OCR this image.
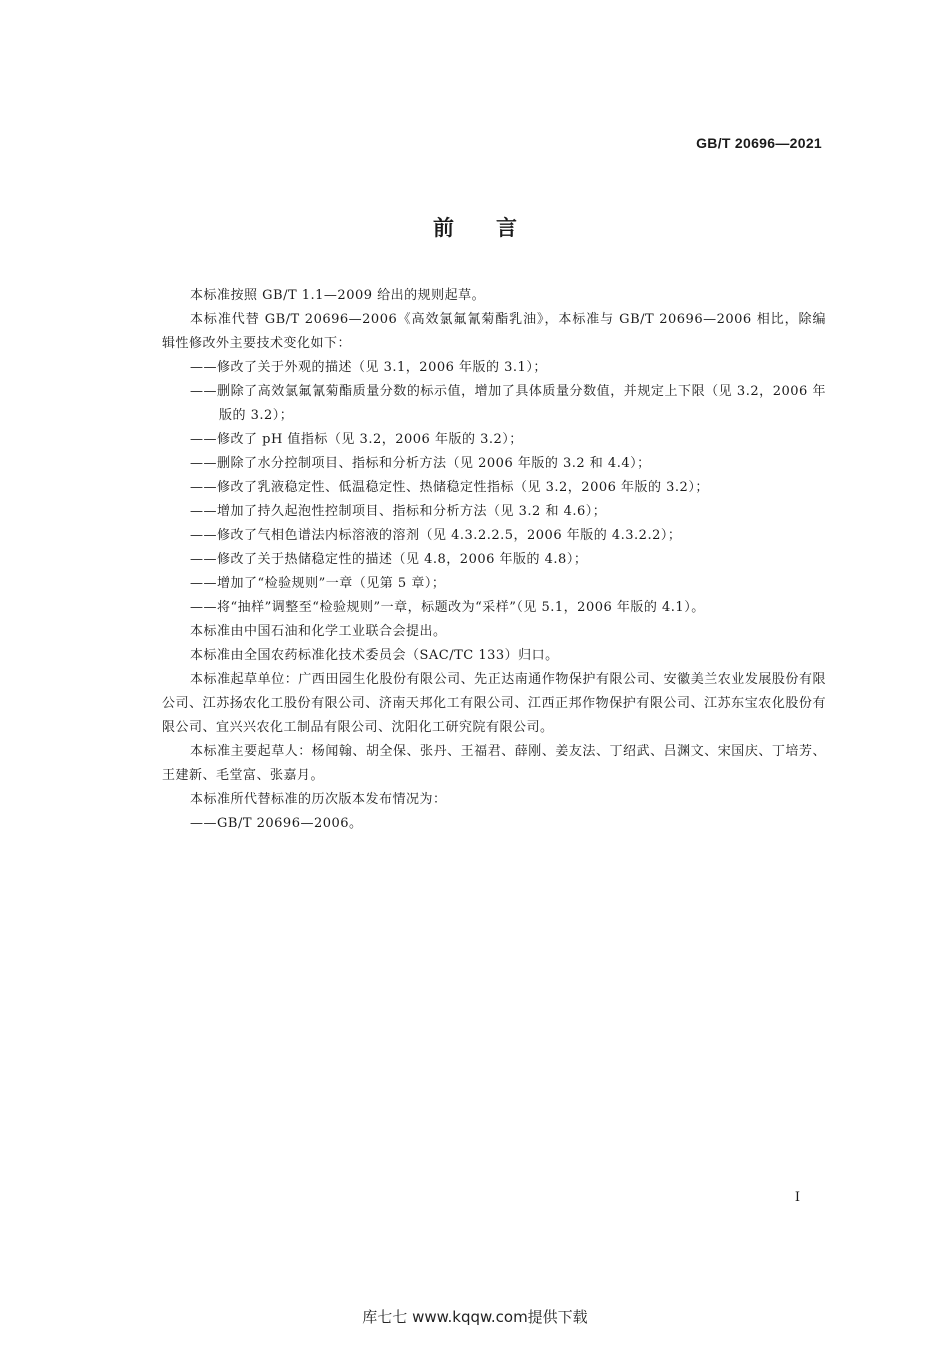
GB/T 20696—2021
前言

本标准按照 GB/T 1.1—2009 给出的规则起草。

本标准代替 GB/T 20696—2006《高效氯氟氰菊酯乳油》，本标准与 GB/T 20696—2006 相比，除编辑性修改外主要技术变化如下：

——修改了关于外观的描述（见 3.1，2006 年版的 3.1）；

——删除了高效氯氟氰菊酯质量分数的标示值，增加了具体质量分数值，并规定上下限（见 3.2，2006 年版的 3.2）；

——修改了 pH 值指标（见 3.2，2006 年版的 3.2）；

——删除了水分控制项目、指标和分析方法（见 2006 年版的 3.2 和 4.4）；

——修改了乳液稳定性、低温稳定性、热储稳定性指标（见 3.2，2006 年版的 3.2）；

——增加了持久起泡性控制项目、指标和分析方法（见 3.2 和 4.6）；

——修改了气相色谱法内标溶液的溶剂（见 4.3.2.2.5，2006 年版的 4.3.2.2）；

——修改了关于热储稳定性的描述（见 4.8，2006 年版的 4.8）；

——增加了“检验规则”一章（见第 5 章）；

——将“抽样”调整至“检验规则”一章，标题改为“采样”（见 5.1，2006 年版的 4.1）。

本标准由中国石油和化学工业联合会提出。

本标准由全国农药标准化技术委员会（SAC/TC 133）归口。

本标准起草单位：广西田园生化股份有限公司、先正达南通作物保护有限公司、安徽美兰农业发展股份有限公司、江苏扬农化工股份有限公司、济南天邦化工有限公司、江西正邦作物保护有限公司、江苏东宝农化股份有限公司、宜兴兴农化工制品有限公司、沈阳化工研究院有限公司。

本标准主要起草人：杨闻翰、胡全保、张丹、王福君、薛刚、姜友法、丁绍武、吕渊文、宋国庆、丁培芳、王建新、毛堂富、张嘉月。

本标准所代替标准的历次版本发布情况为：

——GB/T 20696—2006。

I
库七七 www.kqqw.com提供下载
